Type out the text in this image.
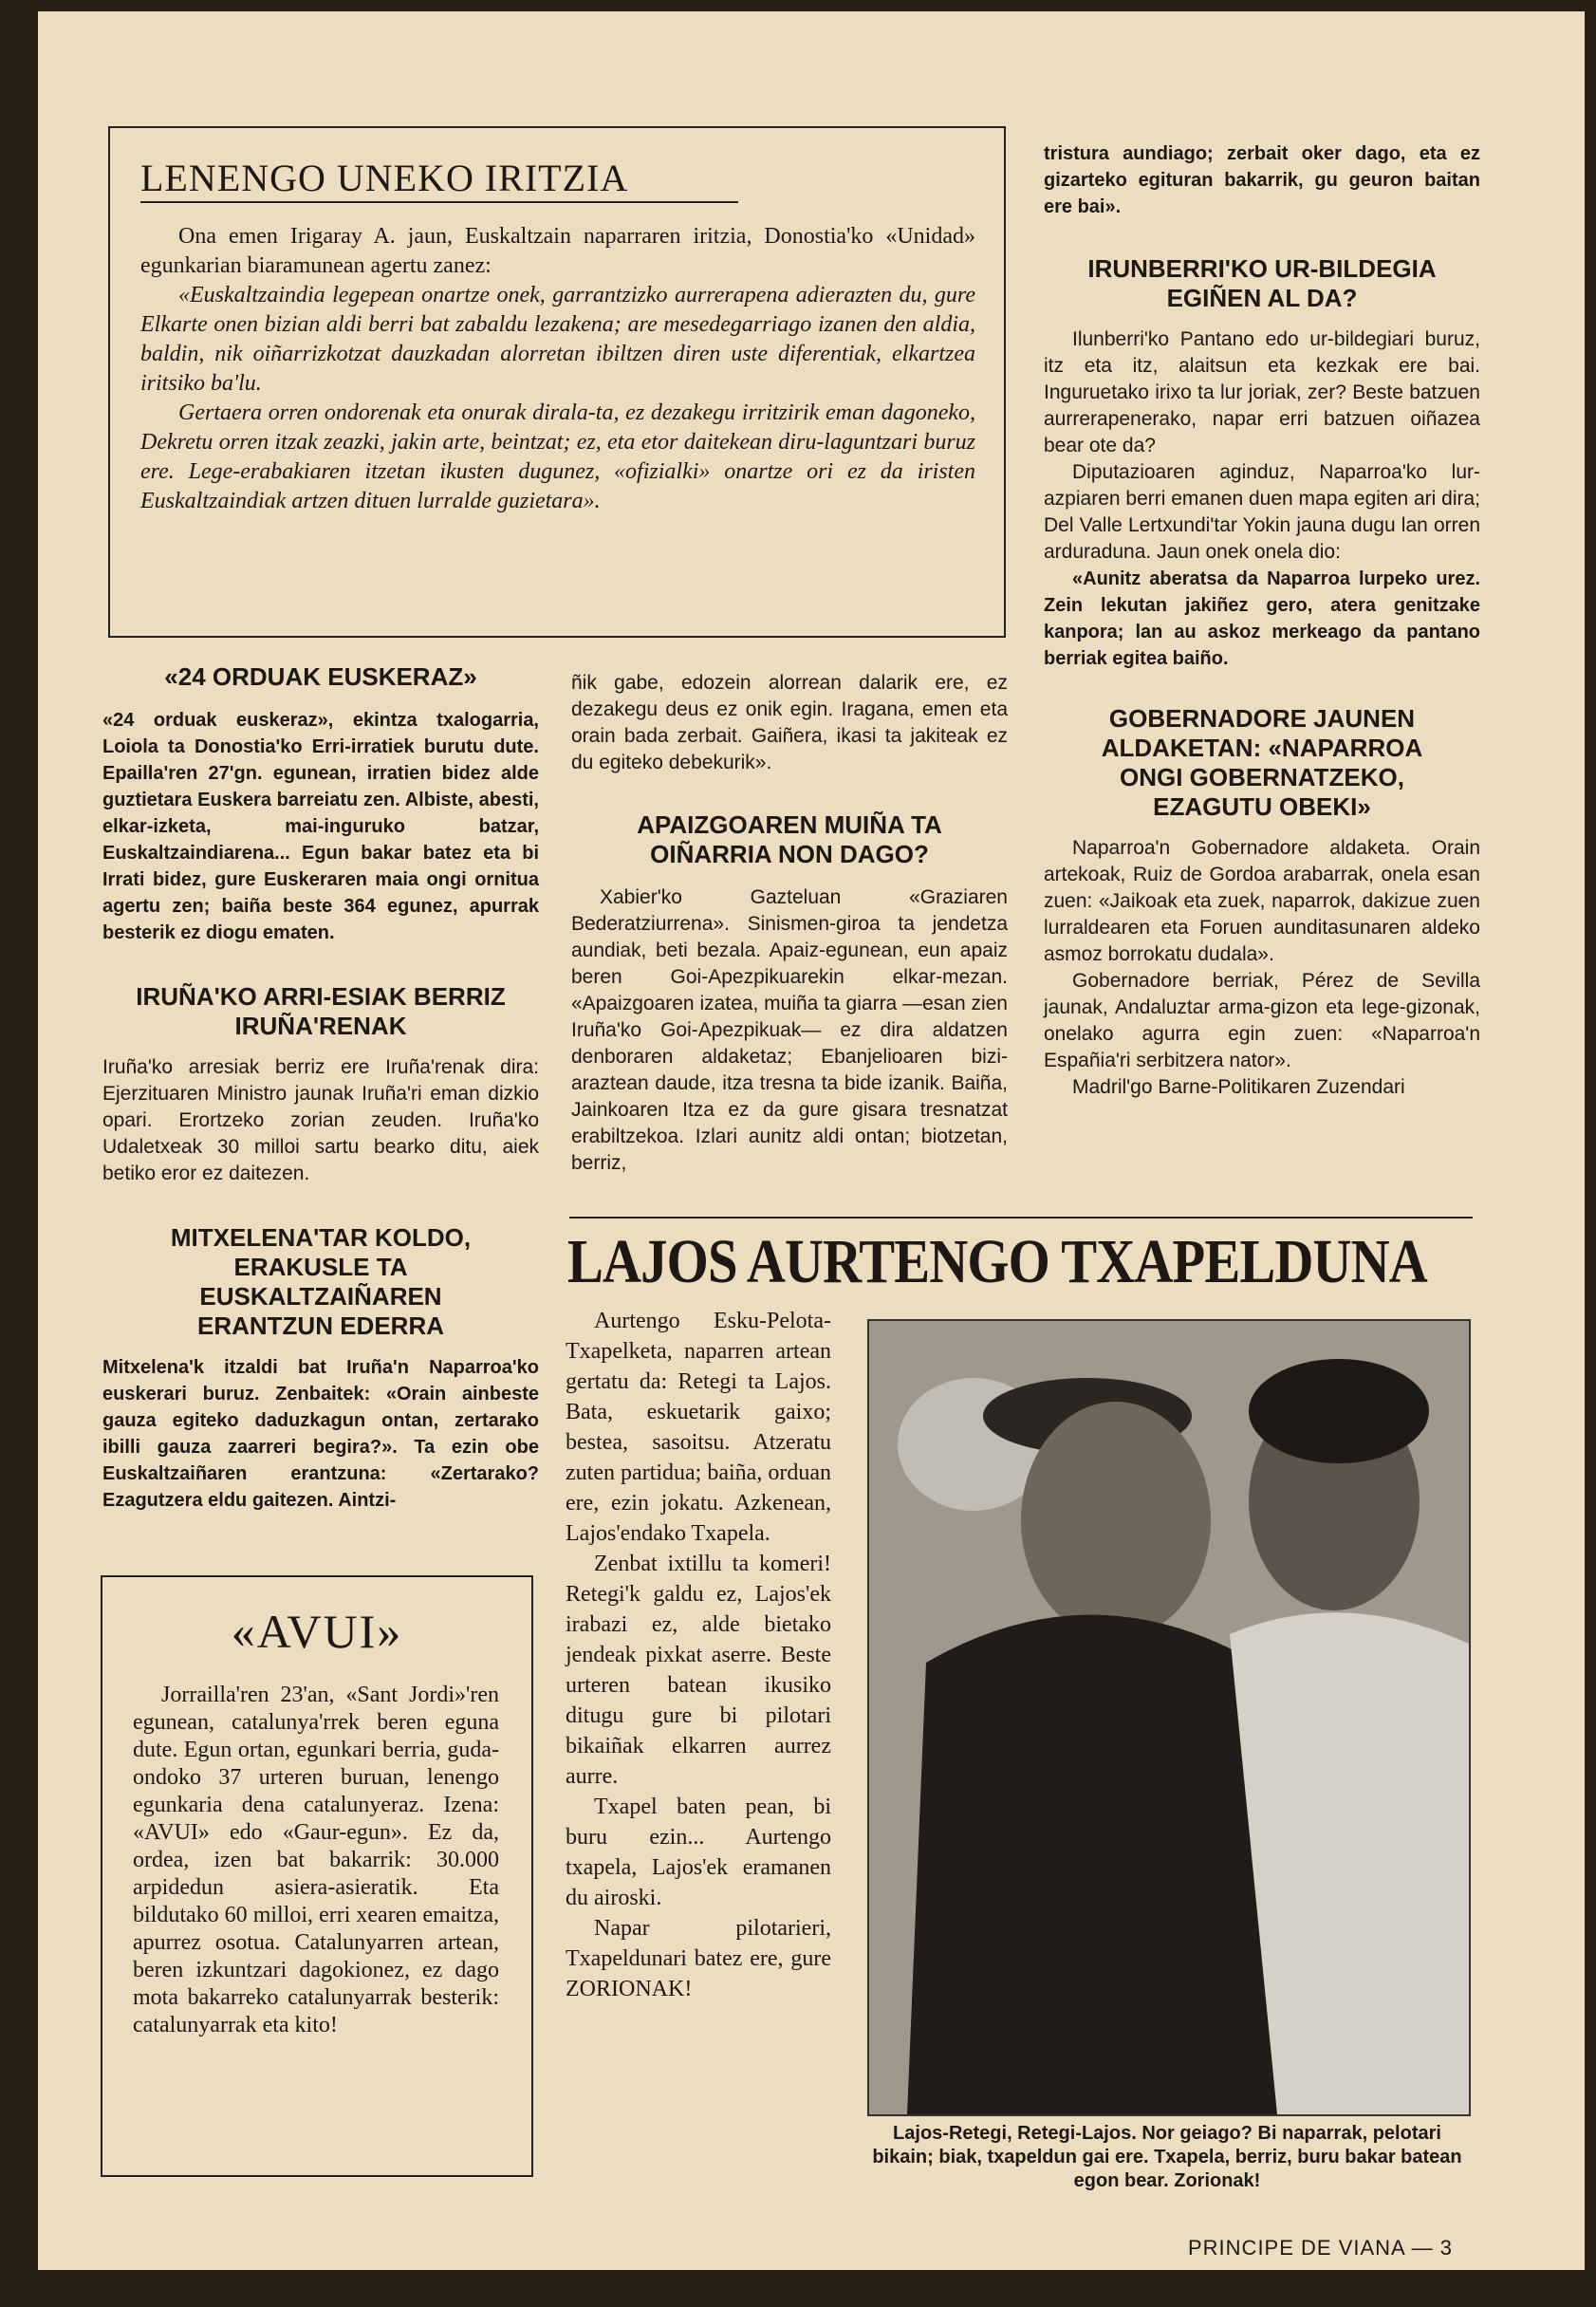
LENENGO UNEKO IRITZIA

Ona emen Irigaray A. jaun, Euskaltzain naparraren iritzia, Donostia'ko «Unidad» egunkarian biaramunean agertu zanez:

«Euskaltzaindia legepean onartze onek, garrantzizko aurrerapena adierazten du, gure Elkarte onen bizian aldi berri bat zabaldu lezakena; are mesedegarriago izanen den aldia, baldin, nik oiñarrizkotzat dauzkadan alorretan ibiltzen diren uste diferentiak, elkartzea iritsiko ba'lu.

Gertaera orren ondorenak eta onurak dirala-ta, ez dezakegu irritzirik eman dagoneko, Dekretu orren itzak zeazki, jakin arte, beintzat; ez, eta etor daitekean diru-laguntzari buruz ere. Lege-erabakiaren itzetan ikusten dugunez, «ofizialki» onartze ori ez da iristen Euskaltzaindiak artzen dituen lurralde guzietara».

«24 ORDUAK EUSKERAZ»

«24 orduak euskeraz», ekintza txalogarria, Loiola ta Donostia'ko Erri-irratiek burutu dute. Epailla'ren 27'gn. egunean, irratien bidez alde guztietara Euskera barreiatu zen. Albiste, abesti, elkar-izketa, mai-inguruko batzar, Euskaltzaindiarena... Egun bakar batez eta bi Irrati bidez, gure Euskeraren maia ongi ornitua agertu zen; baiña beste 364 egunez, apurrak besterik ez diogu ematen.

IRUÑA'KO ARRI-ESIAK BERRIZ IRUÑA'RENAK

Iruña'ko arresiak berriz ere Iruña'renak dira: Ejerzituaren Ministro jaunak Iruña'ri eman dizkio opari. Erortzeko zorian zeuden. Iruña'ko Udaletxeak 30 milloi sartu bearko ditu, aiek betiko eror ez daitezen.

MITXELENA'TAR KOLDO, ERAKUSLE TA EUSKALTZAIÑAREN ERANTZUN EDERRA

Mitxelena'k itzaldi bat Iruña'n Naparroa'ko euskerari buruz. Zenbaitek: «Orain ainbeste gauza egiteko daduzkagun ontan, zertarako ibilli gauza zaarreri begira?». Ta ezin obe Euskaltzaiñaren erantzuna: «Zertarako? Ezagutzera eldu gaitezen. Aintzi-

«AVUI»

Jorrailla'ren 23'an, «Sant Jordi»'ren egunean, catalunya'rrek beren eguna dute. Egun ortan, egunkari berria, guda-ondoko 37 urteren buruan, lenengo egunkaria dena catalunyeraz. Izena: «AVUI» edo «Gaur-egun». Ez da, ordea, izen bat bakarrik: 30.000 arpidedun asiera-asieratik. Eta bildutako 60 milloi, erri xearen emaitza, apurrez osotua. Catalunyarren artean, beren izkuntzari dagokionez, ez dago mota bakarreko catalunyarrak besterik: catalunyarrak eta kito!

ñik gabe, edozein alorrean dalarik ere, ez dezakegu deus ez onik egin. Iragana, emen eta orain bada zerbait. Gaiñera, ikasi ta jakiteak ez du egiteko debekurik».

APAIZGOAREN MUIÑA TA OIÑARRIA NON DAGO?

Xabier'ko Gazteluan «Graziaren Bederatziurrena». Sinismen-giroa ta jendetza aundiak, beti bezala. Apaiz-egunean, eun apaiz beren Goi-Apezpikuarekin elkar-mezan. «Apaizgoaren izatea, muiña ta giarra —esan zien Iruña'ko Goi-Apezpikuak— ez dira aldatzen denboraren aldaketaz; Ebanjelioaren bizi-araztean daude, itza tresna ta bide izanik. Baiña, Jainkoaren Itza ez da gure gisara tresnatzat erabiltzekoa. Izlari aunitz aldi ontan; biotzetan, berriz,

tristura aundiago; zerbait oker dago, eta ez gizarteko egituran bakarrik, gu geuron baitan ere bai».

IRUNBERRI'KO UR-BILDEGIA EGIÑEN AL DA?

Ilunberri'ko Pantano edo ur-bildegiari buruz, itz eta itz, alaitsun eta kezkak ere bai. Inguruetako irixo ta lur joriak, zer? Beste batzuen aurrerapenerako, napar erri batzuen oiñazea bear ote da?

Diputazioaren aginduz, Naparroa'ko lur-azpiaren berri emanen duen mapa egiten ari dira; Del Valle Lertxundi'tar Yokin jauna dugu lan orren arduraduna. Jaun onek onela dio:

«Aunitz aberatsa da Naparroa lurpeko urez. Zein lekutan jakiñez gero, atera genitzake kanpora; lan au askoz merkeago da pantano berriak egitea baiño.

GOBERNADORE JAUNEN ALDAKETAN: «NAPARROA ONGI GOBERNATZEKO, EZAGUTU OBEKI»

Naparroa'n Gobernadore aldaketa. Orain artekoak, Ruiz de Gordoa arabarrak, onela esan zuen: «Jaikoak eta zuek, naparrok, dakizue zuen lurraldearen eta Foruen aunditasunaren aldeko asmoz borrokatu dudala».

Gobernadore berriak, Pérez de Sevilla jaunak, Andaluztar arma-gizon eta lege-gizonak, onelako agurra egin zuen: «Naparroa'n Españia'ri serbitzera nator».

Madril'go Barne-Politikaren Zuzendari

LAJOS AURTENGO TXAPELDUNA

Aurtengo Esku-Pelota-Txapelketa, naparren artean gertatu da: Retegi ta Lajos. Bata, eskuetarik gaixo; bestea, sasoitsu. Atzeratu zuten partidua; baiña, orduan ere, ezin jokatu. Azkenean, Lajos'endako Txapela.

Zenbat ixtillu ta komeri! Retegi'k galdu ez, Lajos'ek irabazi ez, alde bietako jendeak pixkat aserre. Beste urteren batean ikusiko ditugu gure bi pilotari bikaiñak elkarren aurrez aurre.

Txapel baten pean, bi buru ezin... Aurtengo txapela, Lajos'ek eramanen du airoski.

Napar pilotarieri, Txapeldunari batez ere, gure ZORIONAK!

Lajos-Retegi, Retegi-Lajos. Nor geiago? Bi naparrak, pelotari bikain; biak, txapeldun gai ere. Txapela, berriz, buru bakar batean egon bear. Zorionak!

PRINCIPE DE VIANA — 3
